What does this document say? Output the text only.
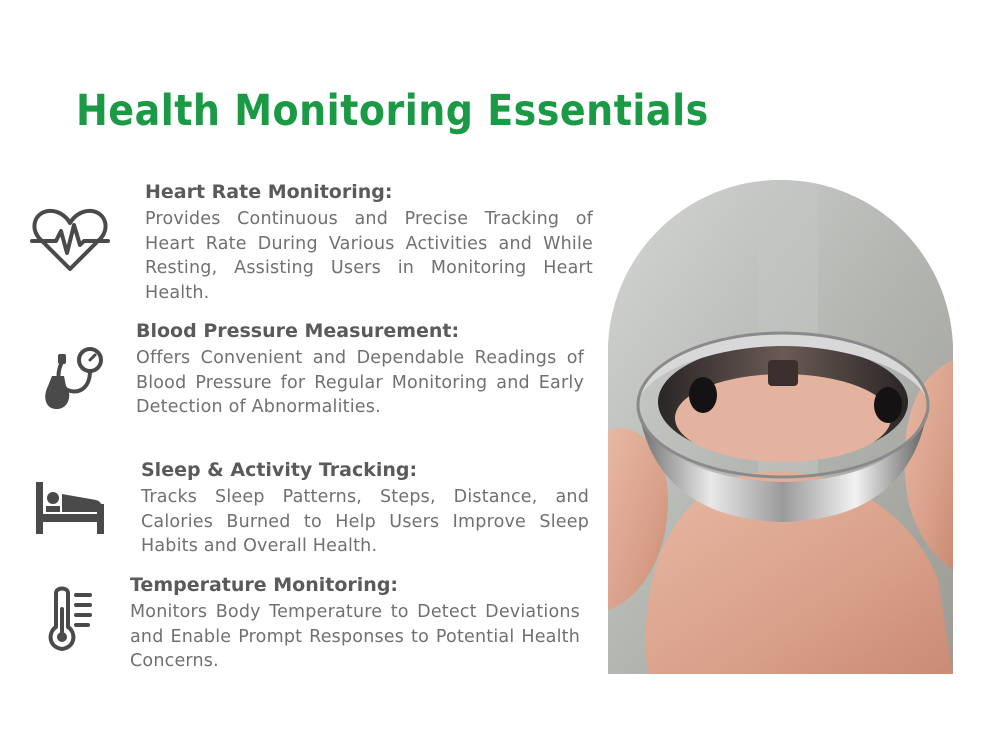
Health Monitoring Essentials
Heart Rate Monitoring:

Provides Continuous and Precise Tracking of Heart Rate During Various Activities and While Resting, Assisting Users in Monitoring Heart Health.

Blood Pressure Measurement:

Offers Convenient and Dependable Readings of Blood Pressure for Regular Monitoring and Early Detection of Abnormalities.

Sleep & Activity Tracking:

Tracks Sleep Patterns, Steps, Distance, and Calories Burned to Help Users Improve Sleep Habits and Overall Health.

Temperature Monitoring:

Monitors Body Temperature to Detect Deviations and Enable Prompt Responses to Potential Health Concerns.
